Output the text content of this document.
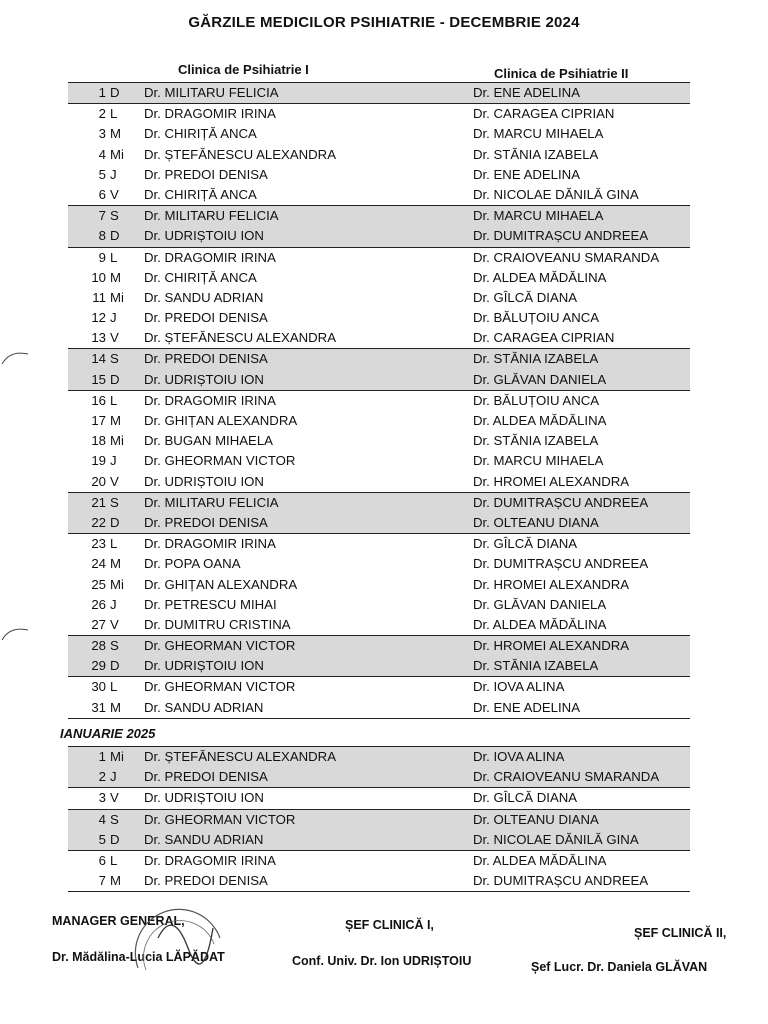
GĂRZILE MEDICILOR PSIHIATRIE - DECEMBRIE 2024
Clinica de Psihiatrie I	Clinica de Psihiatrie II
1 D Dr. MILITARU FELICIA	Dr. ENE ADELINA
2 L Dr. DRAGOMIR IRINA	Dr. CARAGEA CIPRIAN
3 M Dr. CHIRIȚĂ ANCA	Dr. MARCU MIHAELA
4 Mi Dr. ȘTEFĂNESCU ALEXANDRA	Dr. STĂNIA IZABELA
5 J Dr. PREDOI DENISA	Dr. ENE ADELINA
6 V Dr. CHIRIȚĂ ANCA	Dr. NICOLAE DĂNILĂ GINA
7 S Dr. MILITARU FELICIA	Dr. MARCU MIHAELA
8 D Dr. UDRIȘTOIU ION	Dr. DUMITRAȘCU ANDREEA
9 L Dr. DRAGOMIR IRINA	Dr. CRAIOVEANU SMARANDA
10 M Dr. CHIRIȚĂ ANCA	Dr. ALDEA MĂDĂLINA
11 Mi Dr. SANDU ADRIAN	Dr. GÎLCĂ DIANA
12 J Dr. PREDOI DENISA	Dr. BĂLUȚOIU ANCA
13 V Dr. ȘTEFĂNESCU ALEXANDRA	Dr. CARAGEA CIPRIAN
14 S Dr. PREDOI DENISA	Dr. STĂNIA IZABELA
15 D Dr. UDRIȘTOIU ION	Dr. GLĂVAN DANIELA
16 L Dr. DRAGOMIR IRINA	Dr. BĂLUȚOIU ANCA
17 M Dr. GHIȚAN ALEXANDRA	Dr. ALDEA MĂDĂLINA
18 Mi Dr. BUGAN MIHAELA	Dr. STĂNIA IZABELA
19 J Dr. GHEORMAN VICTOR	Dr. MARCU MIHAELA
20 V Dr. UDRIȘTOIU ION	Dr. HROMEI ALEXANDRA
21 S Dr. MILITARU FELICIA	Dr. DUMITRAȘCU ANDREEA
22 D Dr. PREDOI DENISA	Dr. OLTEANU DIANA
23 L Dr. DRAGOMIR IRINA	Dr. GÎLCĂ DIANA
24 M Dr. POPA OANA	Dr. DUMITRAȘCU ANDREEA
25 Mi Dr. GHIȚAN ALEXANDRA	Dr. HROMEI ALEXANDRA
26 J Dr. PETRESCU MIHAI	Dr. GLĂVAN DANIELA
27 V Dr. DUMITRU CRISTINA	Dr. ALDEA MĂDĂLINA
28 S Dr. GHEORMAN VICTOR	Dr. HROMEI ALEXANDRA
29 D Dr. UDRIȘTOIU ION	Dr. STĂNIA IZABELA
30 L Dr. GHEORMAN VICTOR	Dr. IOVA ALINA
31 M Dr. SANDU ADRIAN	Dr. ENE ADELINA
IANUARIE 2025
1 Mi Dr. ȘTEFĂNESCU ALEXANDRA	Dr. IOVA ALINA
2 J Dr. PREDOI DENISA	Dr. CRAIOVEANU SMARANDA
3 V Dr. UDRIȘTOIU ION	Dr. GÎLCĂ DIANA
4 S Dr. GHEORMAN VICTOR	Dr. OLTEANU DIANA
5 D Dr. SANDU ADRIAN	Dr. NICOLAE DĂNILĂ GINA
6 L Dr. DRAGOMIR IRINA	Dr. ALDEA MĂDĂLINA
7 M Dr. PREDOI DENISA	Dr. DUMITRAȘCU ANDREEA
MANAGER GENERAL,
Dr. Mădălina-Lucia LĂPĂDAT
ȘEF CLINICĂ I,
Conf. Univ. Dr. Ion UDRIȘTOIU
ȘEF CLINICĂ II,
Șef Lucr. Dr. Daniela GLĂVAN
